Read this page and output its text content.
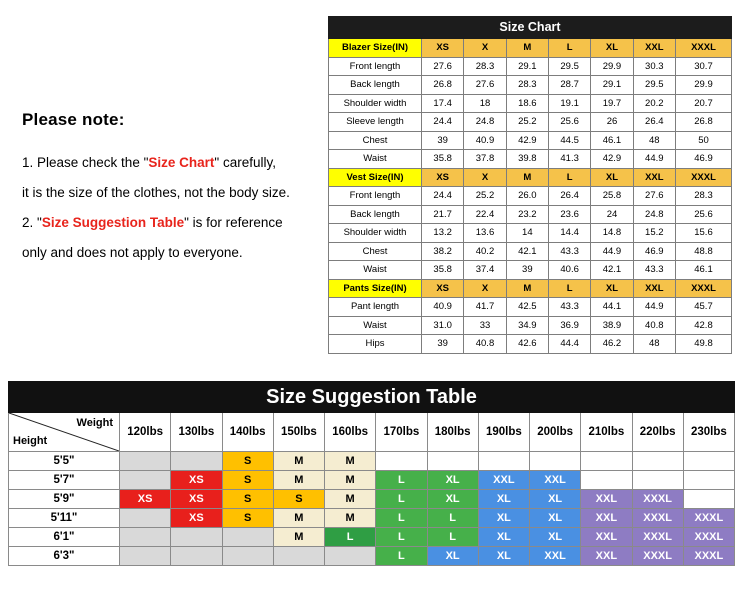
Please note:
1. Please check the "Size Chart" carefully,
it is the size of the clothes, not the body size.
2. "Size Suggestion Table" is for reference
only and does not apply to everyone.
Size Chart							
Blazer Size(IN)	XS	X	M	L	XL	XXL	XXXL
Front length	27.6	28.3	29.1	29.5	29.9	30.3	30.7
Back length	26.8	27.6	28.3	28.7	29.1	29.5	29.9
Shoulder width	17.4	18	18.6	19.1	19.7	20.2	20.7
Sleeve length	24.4	24.8	25.2	25.6	26	26.4	26.8
Chest	39	40.9	42.9	44.5	46.1	48	50
Waist	35.8	37.8	39.8	41.3	42.9	44.9	46.9
Vest Size(IN)	XS	X	M	L	XL	XXL	XXXL
Front length	24.4	25.2	26.0	26.4	25.8	27.6	28.3
Back length	21.7	22.4	23.2	23.6	24	24.8	25.6
Shoulder width	13.2	13.6	14	14.4	14.8	15.2	15.6
Chest	38.2	40.2	42.1	43.3	44.9	46.9	48.8
Waist	35.8	37.4	39	40.6	42.1	43.3	46.1
Pants Size(IN)	XS	X	M	L	XL	XXL	XXXL
Pant length	40.9	41.7	42.5	43.3	44.1	44.9	45.7
Waist	31.0	33	34.9	36.9	38.9	40.8	42.8
Hips	39	40.8	42.6	44.4	46.2	48	49.8
Size Suggestion Table												

Weight
Height	120lbs	130lbs	140lbs	150lbs	160lbs	170lbs	180lbs	190lbs	200lbs	210lbs	220lbs	230lbs
5'5"			S	M	M							
5'7"		XS	S	M	M	L	XL	XXL	XXL			
5'9"	XS	XS	S	S	M	L	XL	XL	XL	XXL	XXXL	
5'11"		XS	S	M	M	L	L	XL	XL	XXL	XXXL	XXXL
6'1"				M	L	L	L	XL	XL	XXL	XXXL	XXXL
6'3"						L	XL	XL	XXL	XXL	XXXL	XXXL
